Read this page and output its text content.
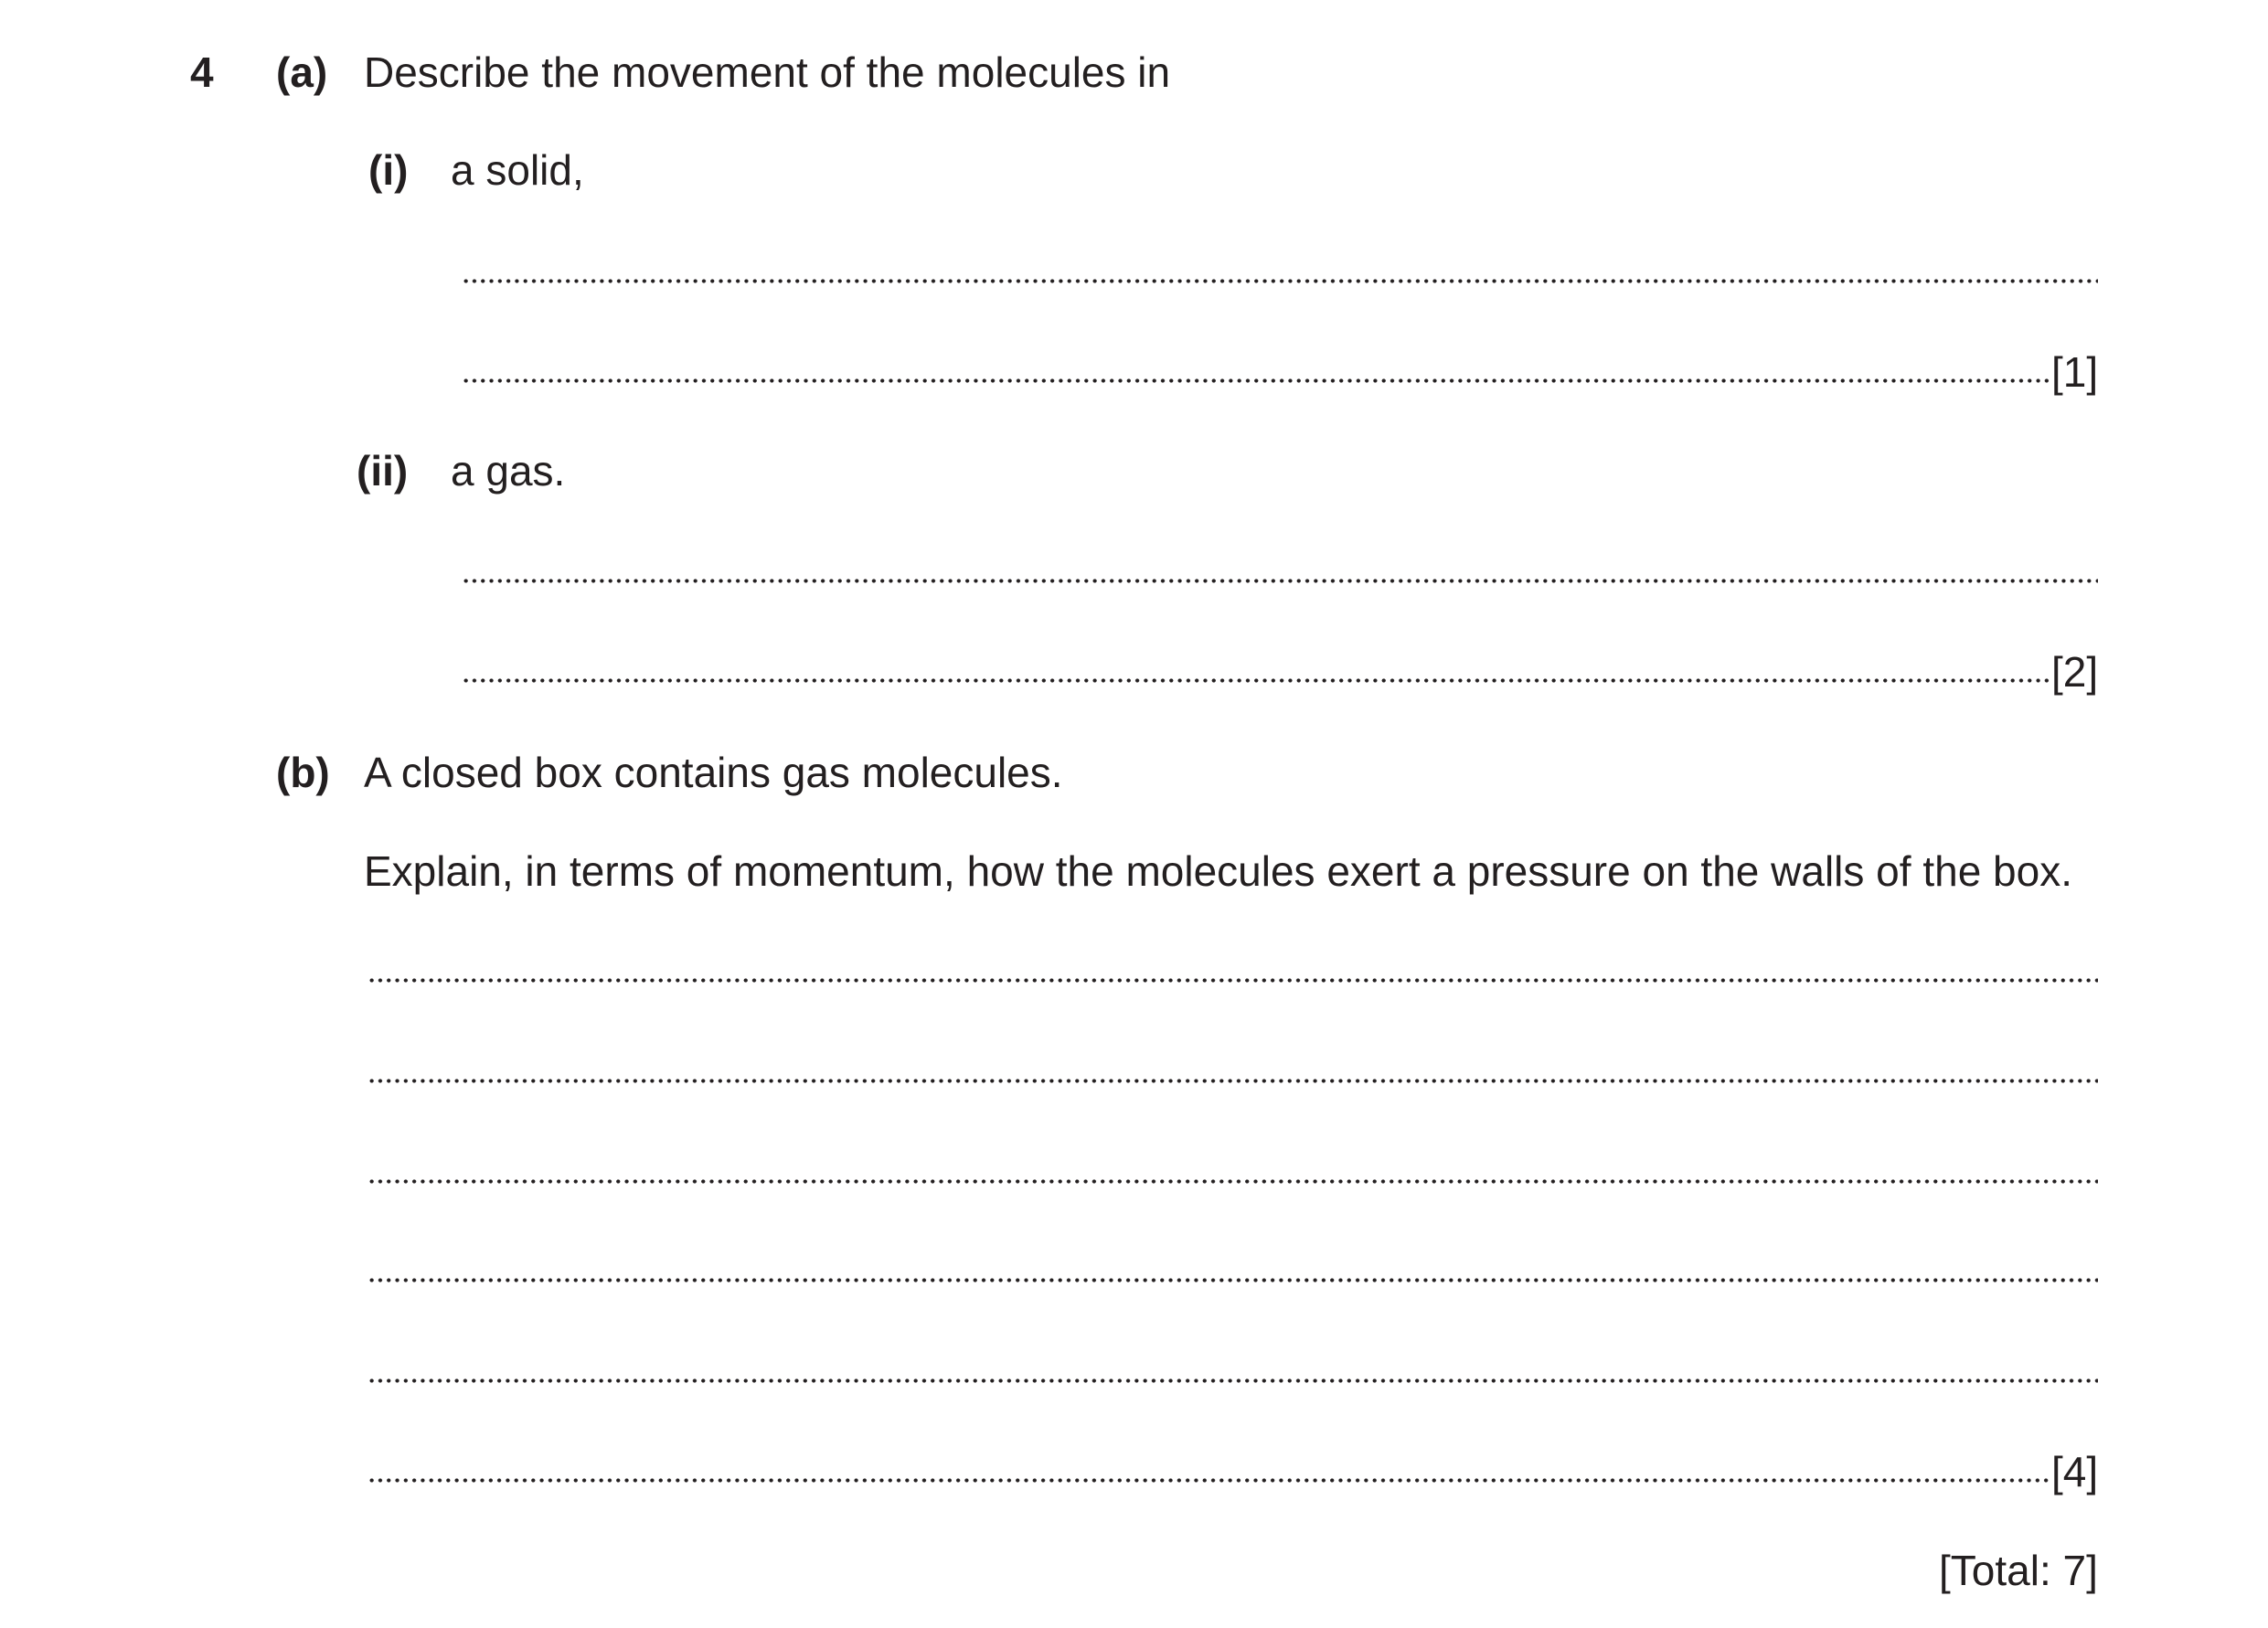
4 (a) Describe the movement of the molecules in
(i) a solid,
[1]
(ii) a gas.
[2]
(b) A closed box contains gas molecules.
Explain, in terms of momentum, how the molecules exert a pressure on the walls of the box.
[4]
[Total: 7]
